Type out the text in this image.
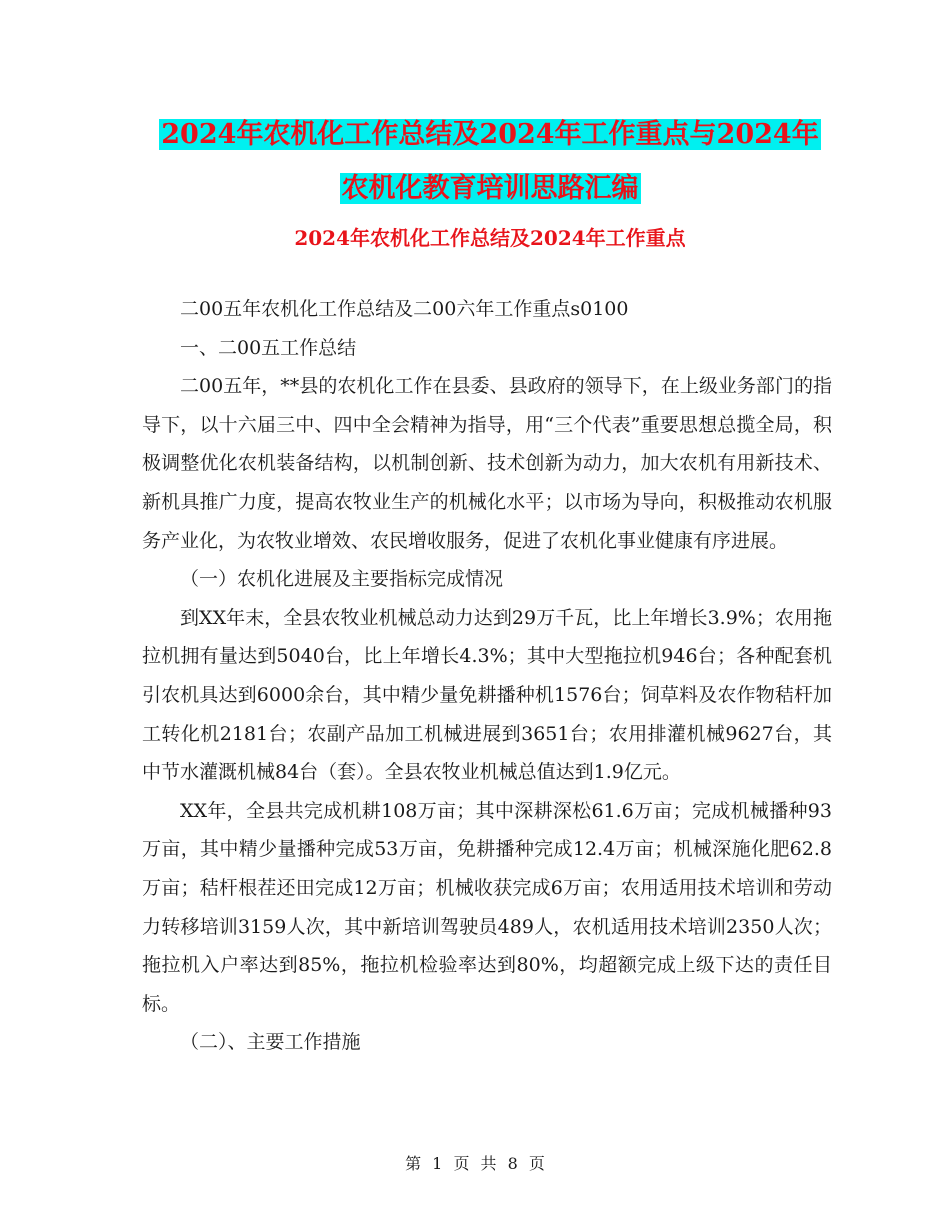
2024年农机化工作总结及2024年工作重点与2024年
农机化教育培训思路汇编
2024年农机化工作总结及2024年工作重点

二00五年农机化工作总结及二00六年工作重点s0100

一、二00五工作总结

二00五年，**县的农机化工作在县委、县政府的领导下，在上级业务部门的指导下，以十六届三中、四中全会精神为指导，用“三个代表”重要思想总揽全局，积极调整优化农机装备结构，以机制创新、技术创新为动力，加大农机有用新技术、新机具推广力度，提高农牧业生产的机械化水平；以市场为导向，积极推动农机服务产业化，为农牧业增效、农民增收服务，促进了农机化事业健康有序进展。

（一）农机化进展及主要指标完成情况

到XX年末，全县农牧业机械总动力达到29万千瓦，比上年增长3.9%；农用拖拉机拥有量达到5040台，比上年增长4.3%；其中大型拖拉机946台；各种配套机引农机具达到6000余台，其中精少量免耕播种机1576台；饲草料及农作物秸杆加工转化机2181台；农副产品加工机械进展到3651台；农用排灌机械9627台，其中节水灌溉机械84台（套）。全县农牧业机械总值达到1.9亿元。

XX年，全县共完成机耕108万亩；其中深耕深松61.6万亩；完成机械播种93万亩，其中精少量播种完成53万亩，免耕播种完成12.4万亩；机械深施化肥62.8万亩；秸杆根茬还田完成12万亩；机械收获完成6万亩；农用适用技术培训和劳动力转移培训3159人次，其中新培训驾驶员489人，农机适用技术培训2350人次；拖拉机入户率达到85%，拖拉机检验率达到80%，均超额完成上级下达的责任目标。

（二）、主要工作措施

第 1 页 共 8 页
